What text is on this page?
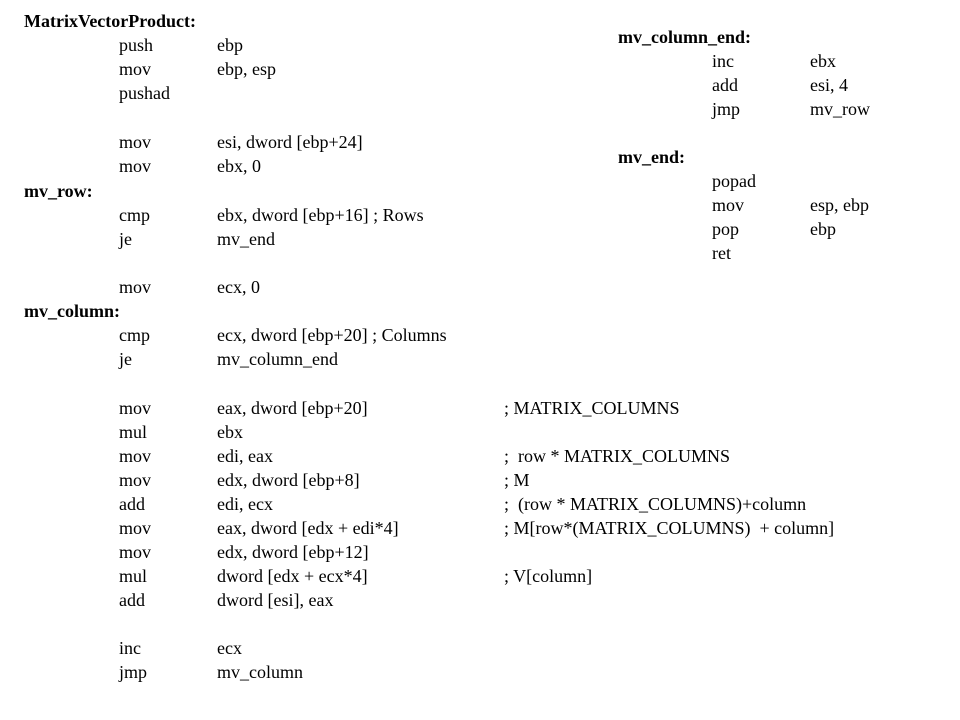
MatrixVectorProduct:
mv_row:
mv_column:
mv_column_end:
mv_end:
push	ebp
mov	ebp, esp
pushad
mov	esi, dword [ebp+24]
mov	ebx, 0
cmp	ebx, dword [ebp+16] ; Rows
je	mv_end
mov	ecx, 0
cmp	ecx, dword [ebp+20] ; Columns
je	mv_column_end
mov	eax, dword [ebp+20]	; MATRIX_COLUMNS
mul	ebx
mov	edi, eax	;  row * MATRIX_COLUMNS
mov	edx, dword [ebp+8]	; M
add	edi, ecx	;  (row * MATRIX_COLUMNS)+column
mov	eax, dword [edx + edi*4]	; M[row*(MATRIX_COLUMNS)  + column]
mov	edx, dword [ebp+12]
mul	dword [edx + ecx*4]	; V[column]
add	dword [esi], eax
inc	ecx
jmp	mv_column
inc	ebx
add	esi, 4
jmp	mv_row
popad
mov	esp, ebp
pop	ebp
ret
